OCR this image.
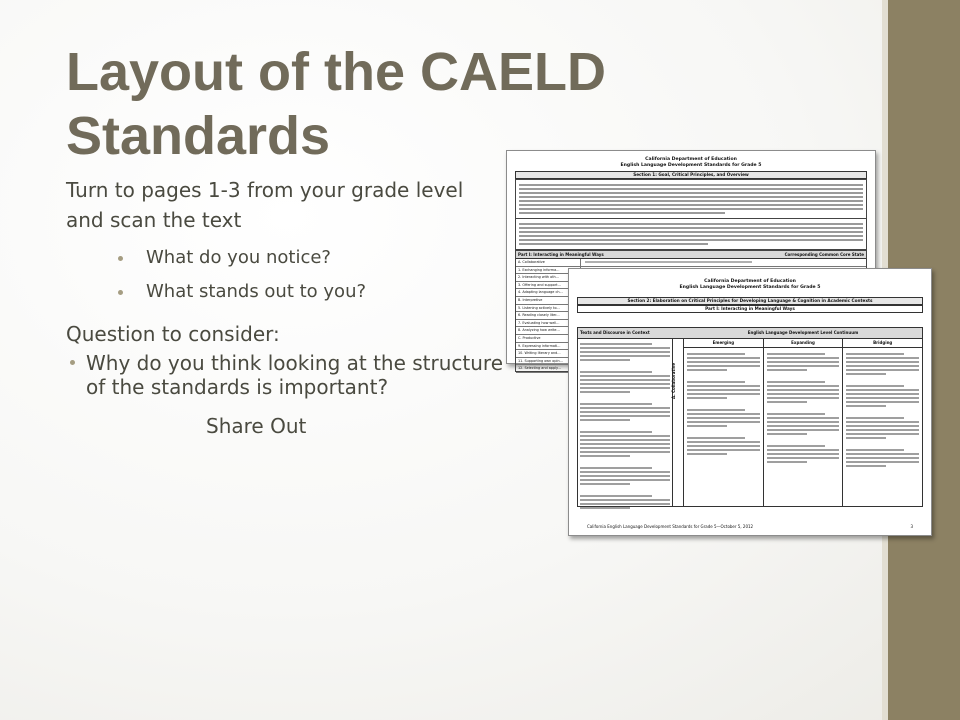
Layout of the CAELD Standards

Turn to pages 1-3 from your grade level and scan the text

What do you notice?
What stands out to you?

Question to consider:

Why do you think looking at the structure of the standards is important?

Share Out

California Department of Education
English Language Development Standards for Grade 5
Section 1: Goal, Critical Principles, and Overview
Part I: Interacting in Meaningful Ways	Corresponding Common Core State
A. Collaborative
1. Exchanging informa...
2. Interacting with oth...
3. Offering and support...
4. Adapting language ch...
B. Interpretive
5. Listening actively to...
6. Reading closely liter...
7. Evaluating how well...
8. Analyzing how write...
C. Productive
9. Expressing informati...
10. Writing literary and...
11. Supporting own opin...
12. Selecting and apply...
California Department of Education
English Language Development Standards for Grade 5
Section 2: Elaboration on Critical Principles for Developing Language & Cognition in Academic Contexts
Part I: Interacting in Meaningful Ways
Texts and Discourse in Context	English Language Development Level Continuum
Emerging	Expanding	Bridging
A. Collaborative
California English Language Development Standards for Grade 5—October 5, 2012	3
